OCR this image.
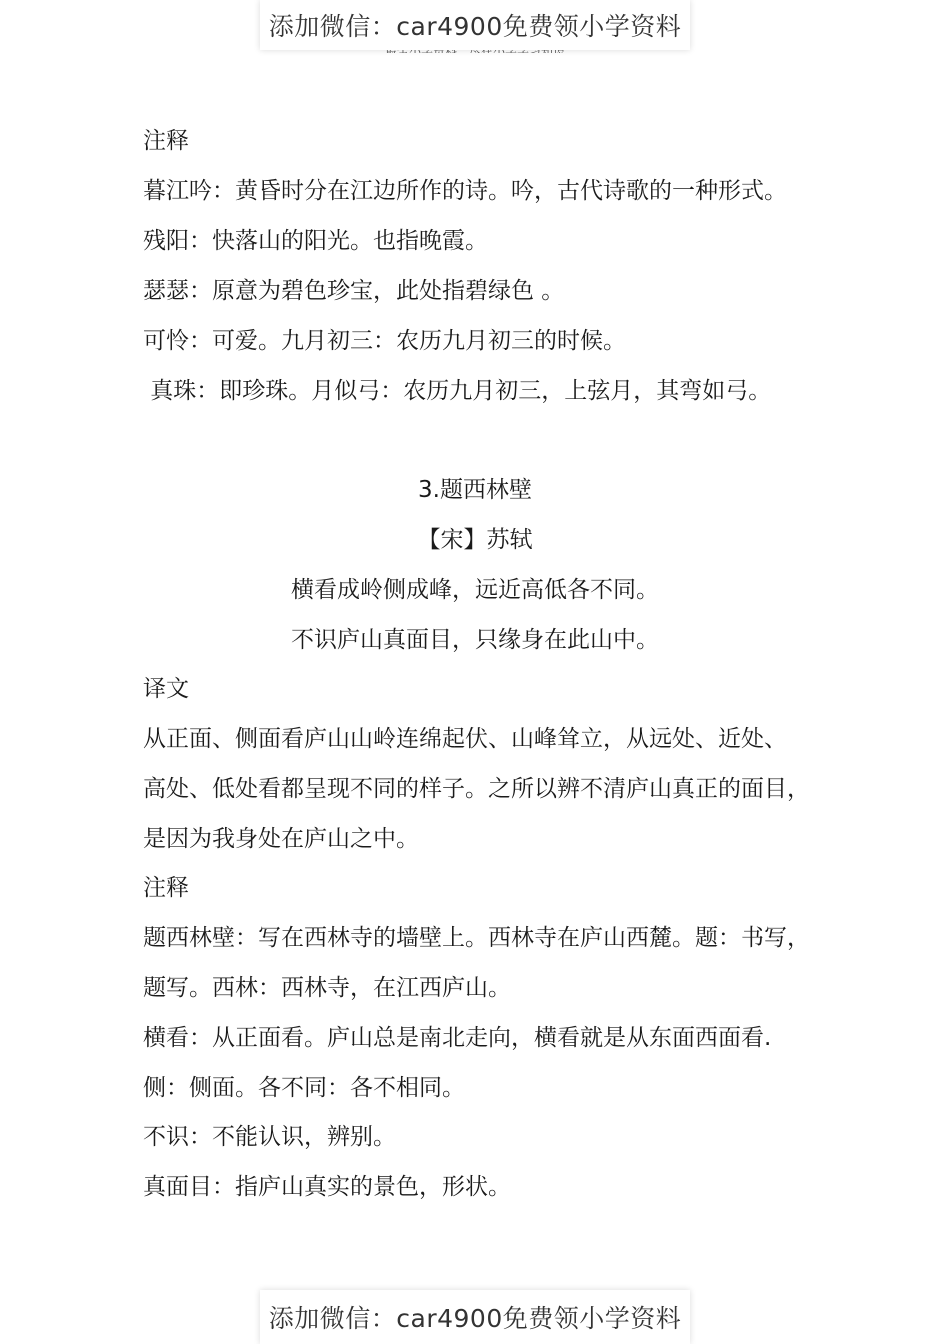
添加微信：car4900免费领小学资料
注释
暮江吟：黄昏时分在江边所作的诗。吟，古代诗歌的一种形式。
残阳：快落山的阳光。也指晚霞。
瑟瑟：原意为碧色珍宝，此处指碧绿色 。
可怜：可爱。九月初三：农历九月初三的时候。
真珠：即珍珠。月似弓：农历九月初三，上弦月，其弯如弓。
3.题西林壁
【宋】苏轼
横看成岭侧成峰，远近高低各不同。
不识庐山真面目，只缘身在此山中。
译文
从正面、侧面看庐山山岭连绵起伏、山峰耸立，从远处、近处、
高处、低处看都呈现不同的样子。之所以辨不清庐山真正的面目，
是因为我身处在庐山之中。
注释
题西林壁：写在西林寺的墙壁上。西林寺在庐山西麓。题：书写，
题写。西林：西林寺，在江西庐山。
横看：从正面看。庐山总是南北走向，横看就是从东面西面看.
侧：侧面。各不同：各不相同。
不识：不能认识，辨别。
真面目：指庐山真实的景色，形状。
添加微信：car4900免费领小学资料
